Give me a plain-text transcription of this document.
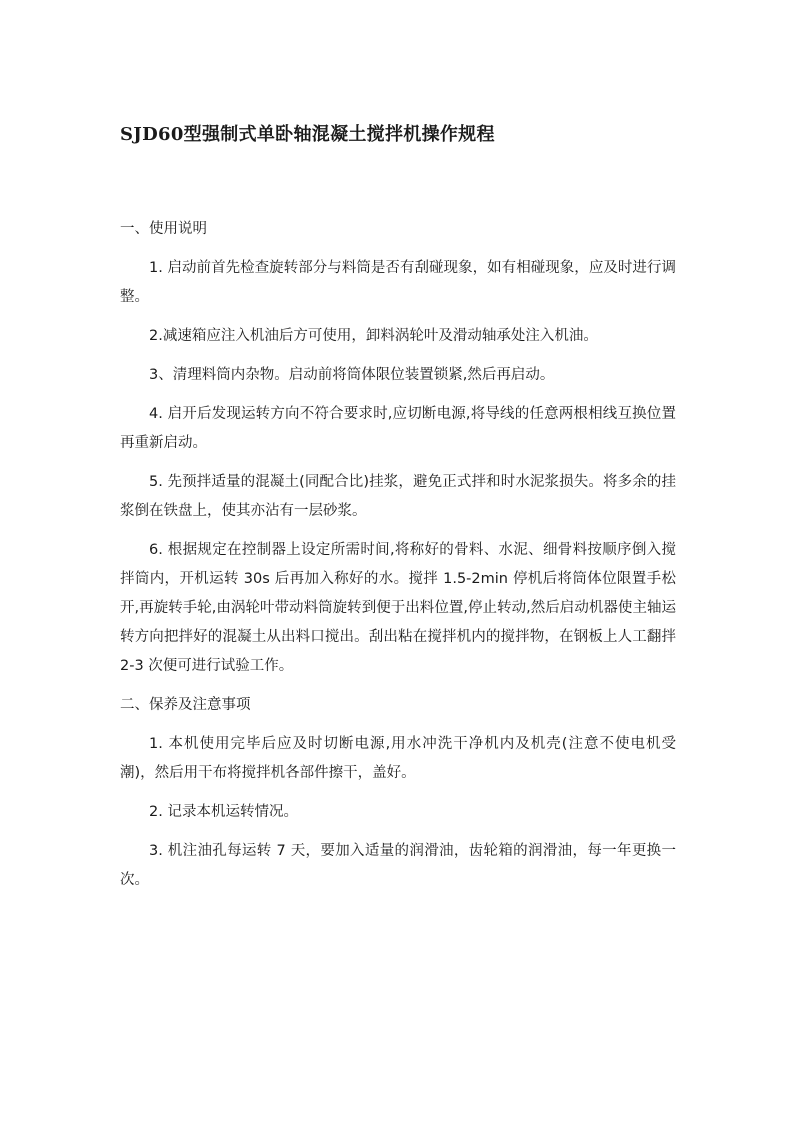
SJD60型强制式单卧轴混凝土搅拌机操作规程

一、使用说明

1. 启动前首先检查旋转部分与料筒是否有刮碰现象，如有相碰现象，应及时进行调整。

2.减速箱应注入机油后方可使用，卸料涡轮叶及滑动轴承处注入机油。

3、清理料筒内杂物。启动前将筒体限位装置锁紧,然后再启动。

4. 启开后发现运转方向不符合要求时,应切断电源,将导线的任意两根相线互换位置再重新启动。

5. 先预拌适量的混凝土(同配合比)挂浆，避免正式拌和时水泥浆损失。将多余的挂浆倒在铁盘上，使其亦沾有一层砂浆。

6. 根据规定在控制器上设定所需时间,将称好的骨料、水泥、细骨料按顺序倒入搅拌筒内，开机运转 30s 后再加入称好的水。搅拌 1.5-2min 停机后将筒体位限置手松开,再旋转手轮,由涡轮叶带动料筒旋转到便于出料位置,停止转动,然后启动机器使主轴运转方向把拌好的混凝土从出料口搅出。刮出粘在搅拌机内的搅拌物，在钢板上人工翻拌 2-3 次便可进行试验工作。

二、保养及注意事项

1. 本机使用完毕后应及时切断电源,用水冲洗干净机内及机壳(注意不使电机受潮)，然后用干布将搅拌机各部件擦干，盖好。

2. 记录本机运转情况。

3. 机注油孔每运转 7 天，要加入适量的润滑油，齿轮箱的润滑油，每一年更换一次。
